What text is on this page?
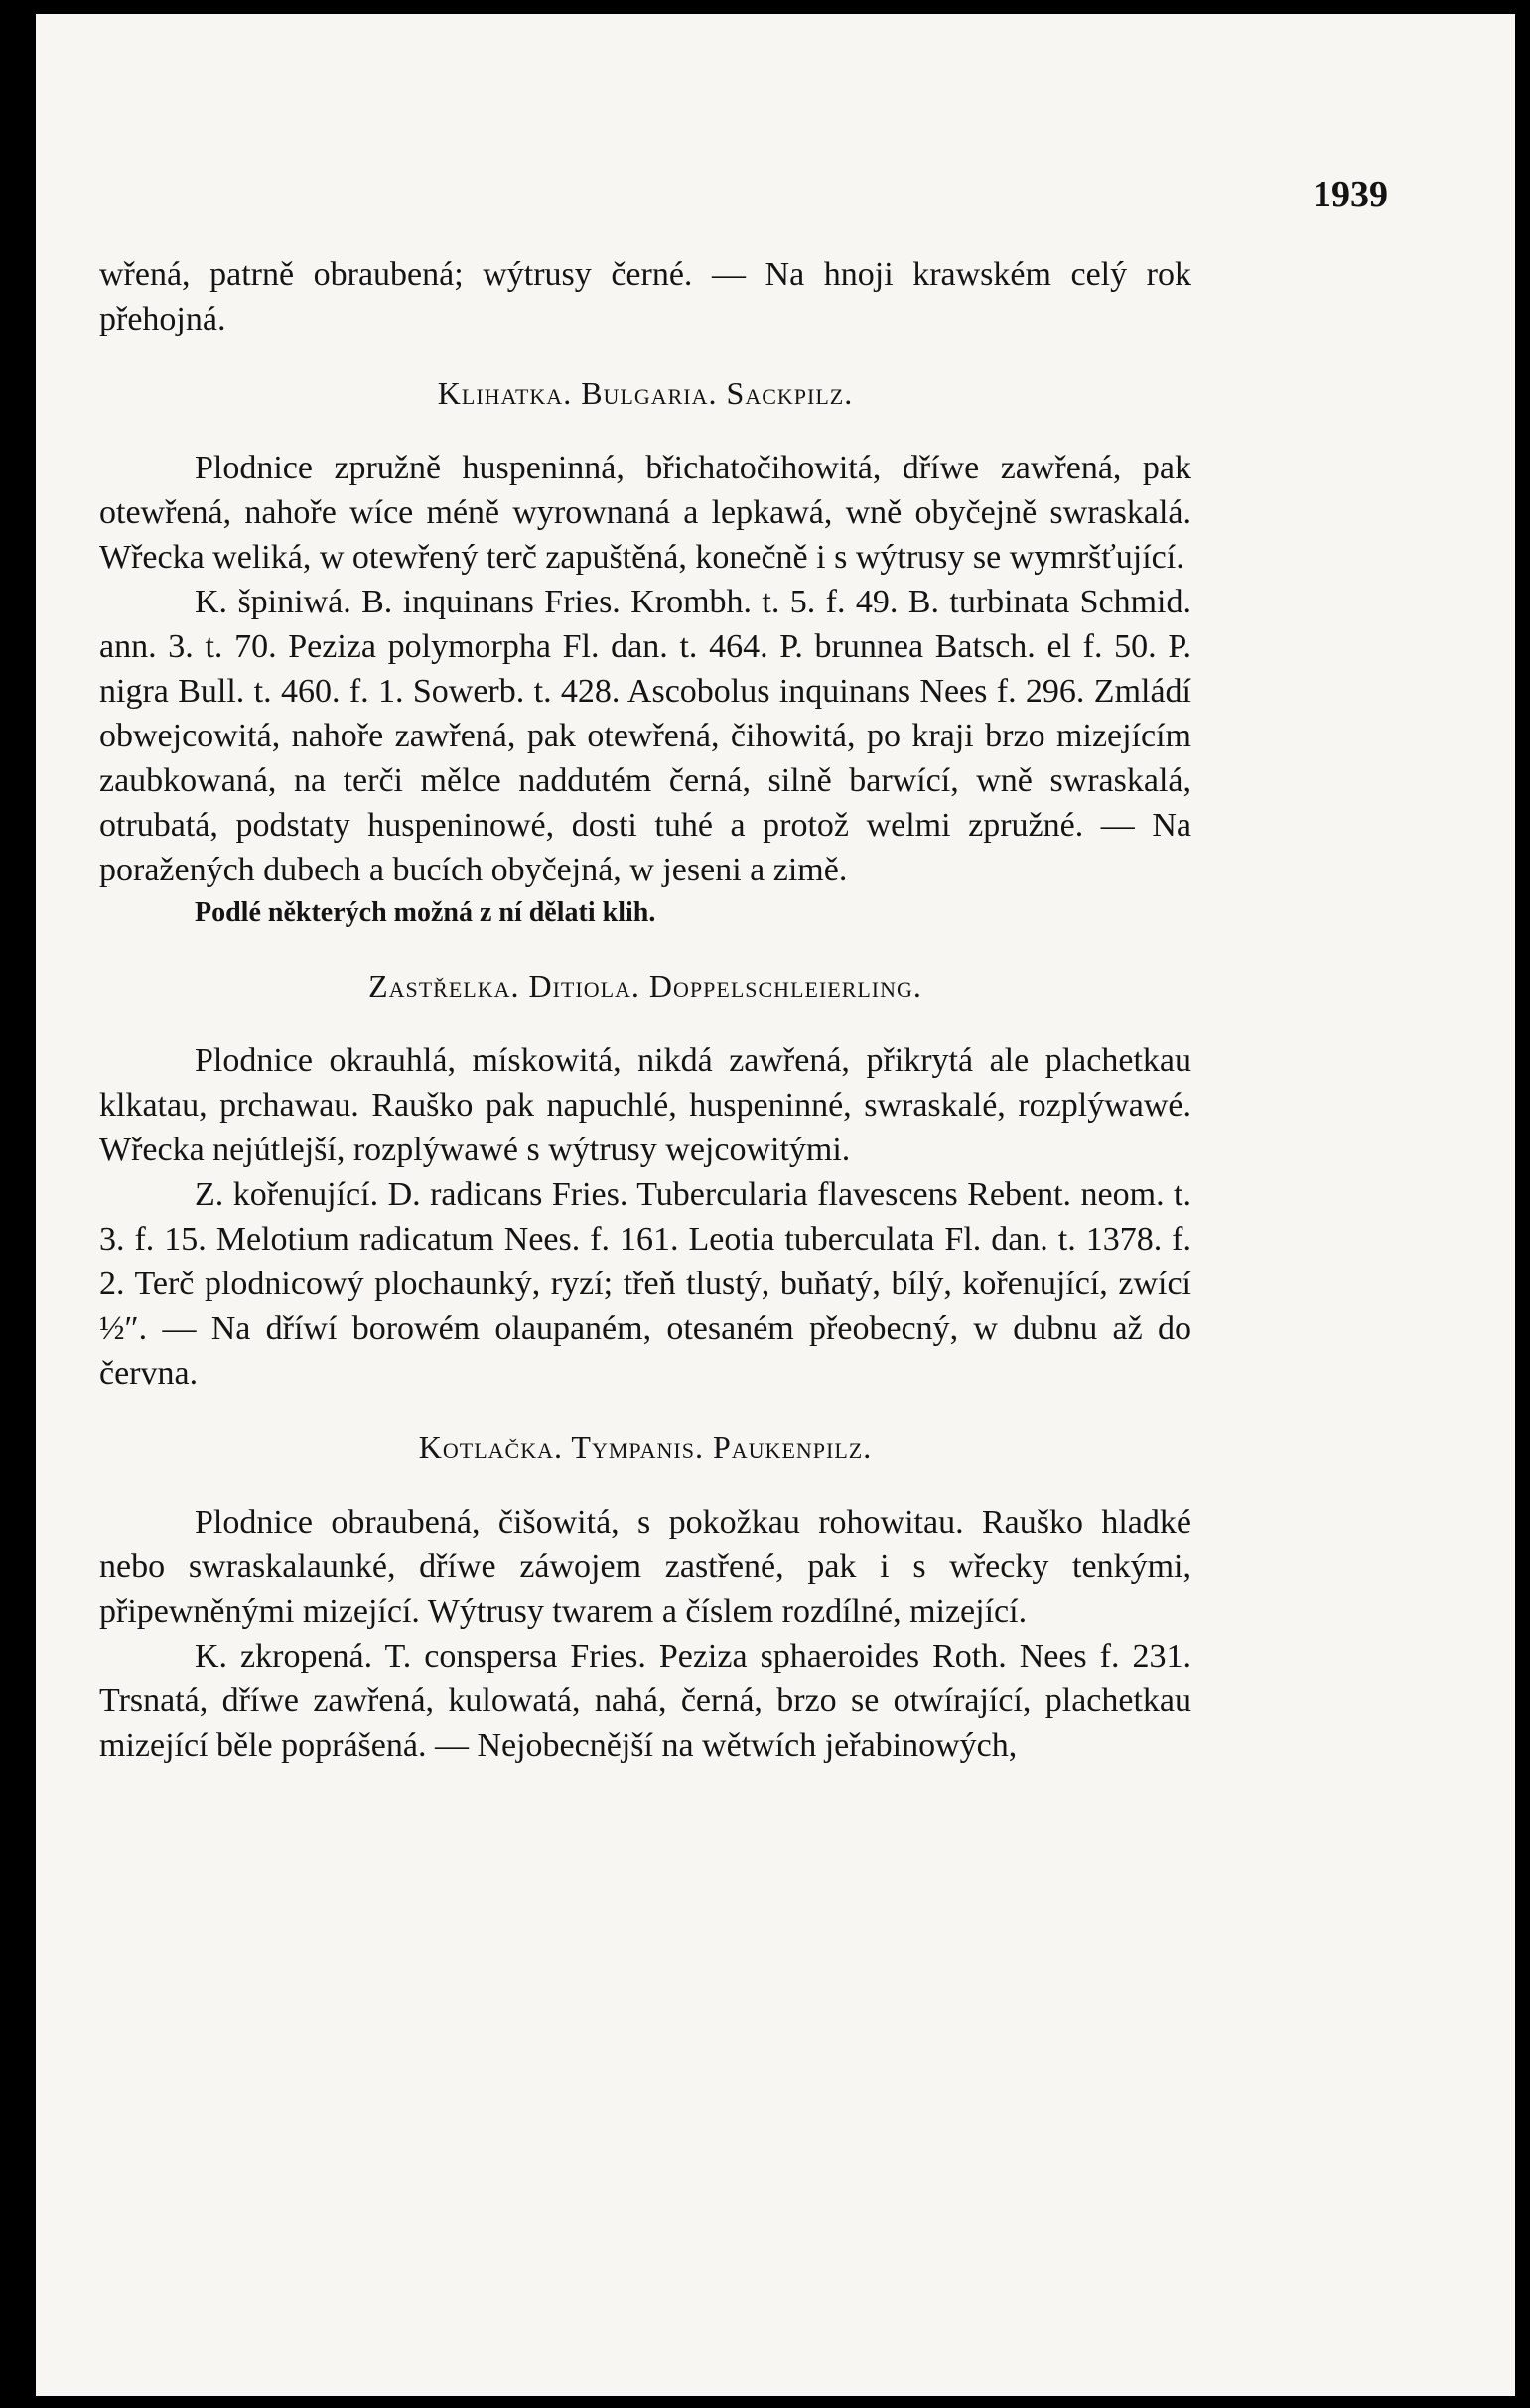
1939

wřená, patrně obraubená; wýtrusy černé. — Na hnoji krawském celý rok přehojná.

Klihatka. Bulgaria. Sackpilz.

Plodnice zpružně huspeninná, břichatočihowitá, dříwe zawřená, pak otewřená, nahoře wíce méně wyrownaná a lepkawá, wně obyčejně swraskalá. Wřecka weliká, w otewřený terč zapuštěná, konečně i s wýtrusy se wymršťující.

K. špiniwá. B. inquinans Fries. Krombh. t. 5. f. 49. B. turbinata Schmid. ann. 3. t. 70. Peziza polymorpha Fl. dan. t. 464. P. brunnea Batsch. el f. 50. P. nigra Bull. t. 460. f. 1. Sowerb. t. 428. Ascobolus inquinans Nees f. 296. Zmládí obwejcowitá, nahoře zawřená, pak otewřená, čihowitá, po kraji brzo mizejícím zaubkowaná, na terči mělce naddutém černá, silně barwící, wně swraskalá, otrubatá, podstaty huspeninowé, dosti tuhé a protož welmi zpružné. — Na poražených dubech a bucích obyčejná, w jeseni a zimě.

Podlé některých možná z ní dělati klih.

Zastřelka. Ditiola. Doppelschleierling.

Plodnice okrauhlá, mískowitá, nikdá zawřená, přikrytá ale plachetkau klkatau, prchawau. Rauško pak napuchlé, huspeninné, swraskalé, rozplýwawé. Wřecka nejútlejší, rozplýwawé s wýtrusy wejcowitými.

Z. kořenující. D. radicans Fries. Tubercularia flavescens Rebent. neom. t. 3. f. 15. Melotium radicatum Nees. f. 161. Leotia tuberculata Fl. dan. t. 1378. f. 2. Terč plodnicowý plochaunký, ryzí; třeň tlustý, buňatý, bílý, kořenující, zwící ½″. — Na dříwí borowém olaupaném, otesaném přeobecný, w dubnu až do června.

Kotlačka. Tympanis. Paukenpilz.

Plodnice obraubená, čišowitá, s pokožkau rohowitau. Rauško hladké nebo swraskalaunké, dříwe záwojem zastřené, pak i s wřecky tenkými, připewněnými mizející. Wýtrusy twarem a číslem rozdílné, mizející.

K. zkropená. T. conspersa Fries. Peziza sphaeroides Roth. Nees f. 231. Trsnatá, dříwe zawřená, kulowatá, nahá, černá, brzo se otwírající, plachetkau mizející běle poprášená. — Nejobecnější na wětwích jeřabinowých,
